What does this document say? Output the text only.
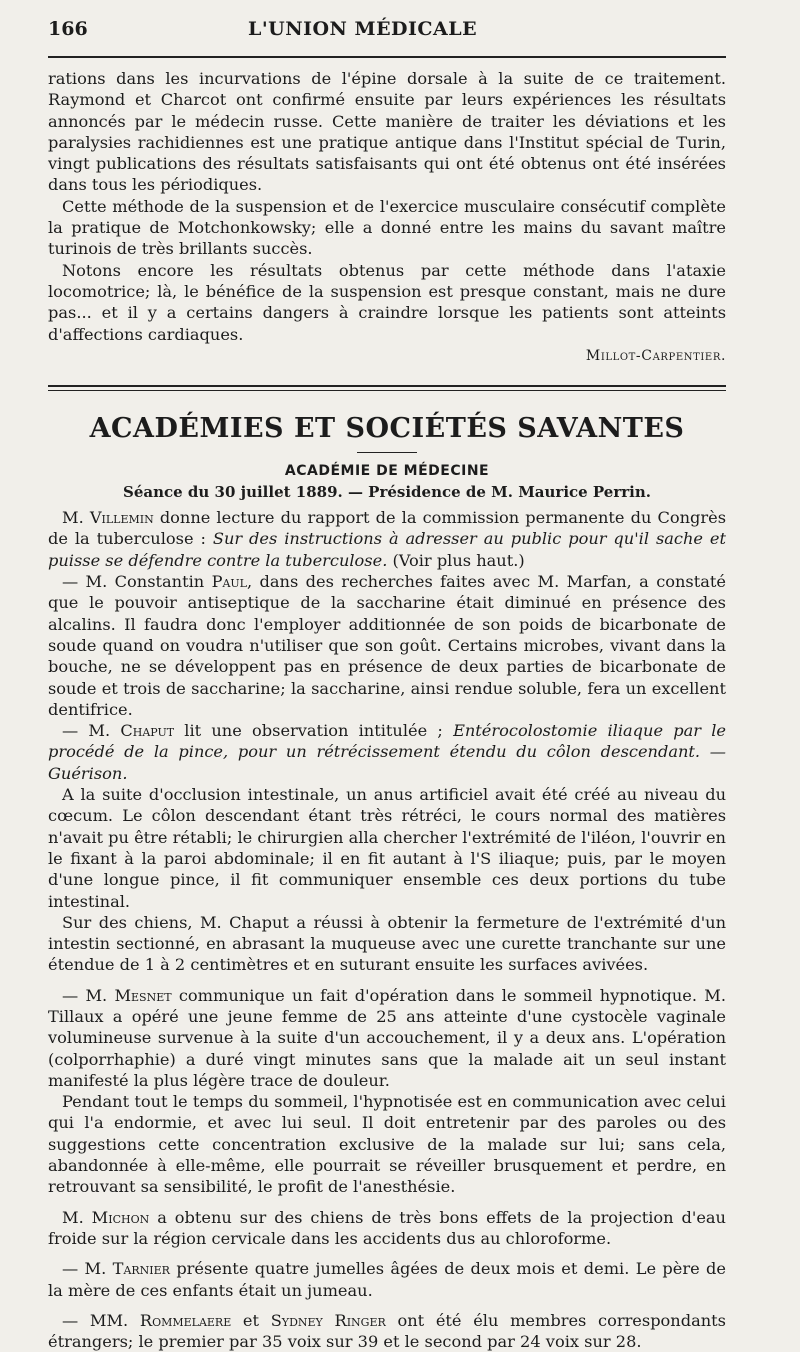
166	L'UNION MÉDICALE

rations dans les incurvations de l'épine dorsale à la suite de ce traitement. Raymond et Charcot ont confirmé ensuite par leurs expériences les résultats annoncés par le médecin russe. Cette manière de traiter les déviations et les paralysies rachidiennes est une pratique antique dans l'Institut spécial de Turin, vingt publications des résultats satisfaisants qui ont été obtenus ont été insérées dans tous les périodiques.

Cette méthode de la suspension et de l'exercice musculaire consécutif complète la pratique de Motchonkowsky; elle a donné entre les mains du savant maître turinois de très brillants succès.

Notons encore les résultats obtenus par cette méthode dans l'ataxie locomotrice; là, le bénéfice de la suspension est presque constant, mais ne dure pas... et il y a certains dangers à craindre lorsque les patients sont atteints d'affections cardiaques.

Millot-Carpentier.
ACADÉMIES ET SOCIÉTÉS SAVANTES
ACADÉMIE DE MÉDECINE
Séance du 30 juillet 1889. — Présidence de M. Maurice Perrin.

M. Villemin donne lecture du rapport de la commission permanente du Congrès de la tuberculose : Sur des instructions à adresser au public pour qu'il sache et puisse se défendre contre la tuberculose. (Voir plus haut.)

— M. Constantin Paul, dans des recherches faites avec M. Marfan, a constaté que le pouvoir antiseptique de la saccharine était diminué en présence des alcalins. Il faudra donc l'employer additionnée de son poids de bicarbonate de soude quand on voudra n'utiliser que son goût. Certains microbes, vivant dans la bouche, ne se développent pas en présence de deux parties de bicarbonate de soude et trois de saccharine; la saccharine, ainsi rendue soluble, fera un excellent dentifrice.

— M. Chaput lit une observation intitulée ; Entérocolostomie iliaque par le procédé de la pince, pour un rétrécissement étendu du côlon descendant. — Guérison.

A la suite d'occlusion intestinale, un anus artificiel avait été créé au niveau du cœcum. Le côlon descendant étant très rétréci, le cours normal des matières n'avait pu être rétabli; le chirurgien alla chercher l'extrémité de l'iléon, l'ouvrir en le fixant à la paroi abdominale; il en fit autant à l'S iliaque; puis, par le moyen d'une longue pince, il fit communiquer ensemble ces deux portions du tube intestinal.

Sur des chiens, M. Chaput a réussi à obtenir la fermeture de l'extrémité d'un intestin sectionné, en abrasant la muqueuse avec une curette tranchante sur une étendue de 1 à 2 centimètres et en suturant ensuite les surfaces avivées.

— M. Mesnet communique un fait d'opération dans le sommeil hypnotique. M. Tillaux a opéré une jeune femme de 25 ans atteinte d'une cystocèle vaginale volumineuse survenue à la suite d'un accouchement, il y a deux ans. L'opération (colporrhaphie) a duré vingt minutes sans que la malade ait un seul instant manifesté la plus légère trace de douleur.

Pendant tout le temps du sommeil, l'hypnotisée est en communication avec celui qui l'a endormie, et avec lui seul. Il doit entretenir par des paroles ou des suggestions cette concentration exclusive de la malade sur lui; sans cela, abandonnée à elle-même, elle pourrait se réveiller brusquement et perdre, en retrouvant sa sensibilité, le profit de l'anesthésie.

M. Michon a obtenu sur des chiens de très bons effets de la projection d'eau froide sur la région cervicale dans les accidents dus au chloroforme.

— M. Tarnier présente quatre jumelles âgées de deux mois et demi. Le père de la mère de ces enfants était un jumeau.

— MM. Rommelaere et Sydney Ringer ont été élu membres correspondants étrangers; le premier par 35 voix sur 39 et le second par 24 voix sur 28.
